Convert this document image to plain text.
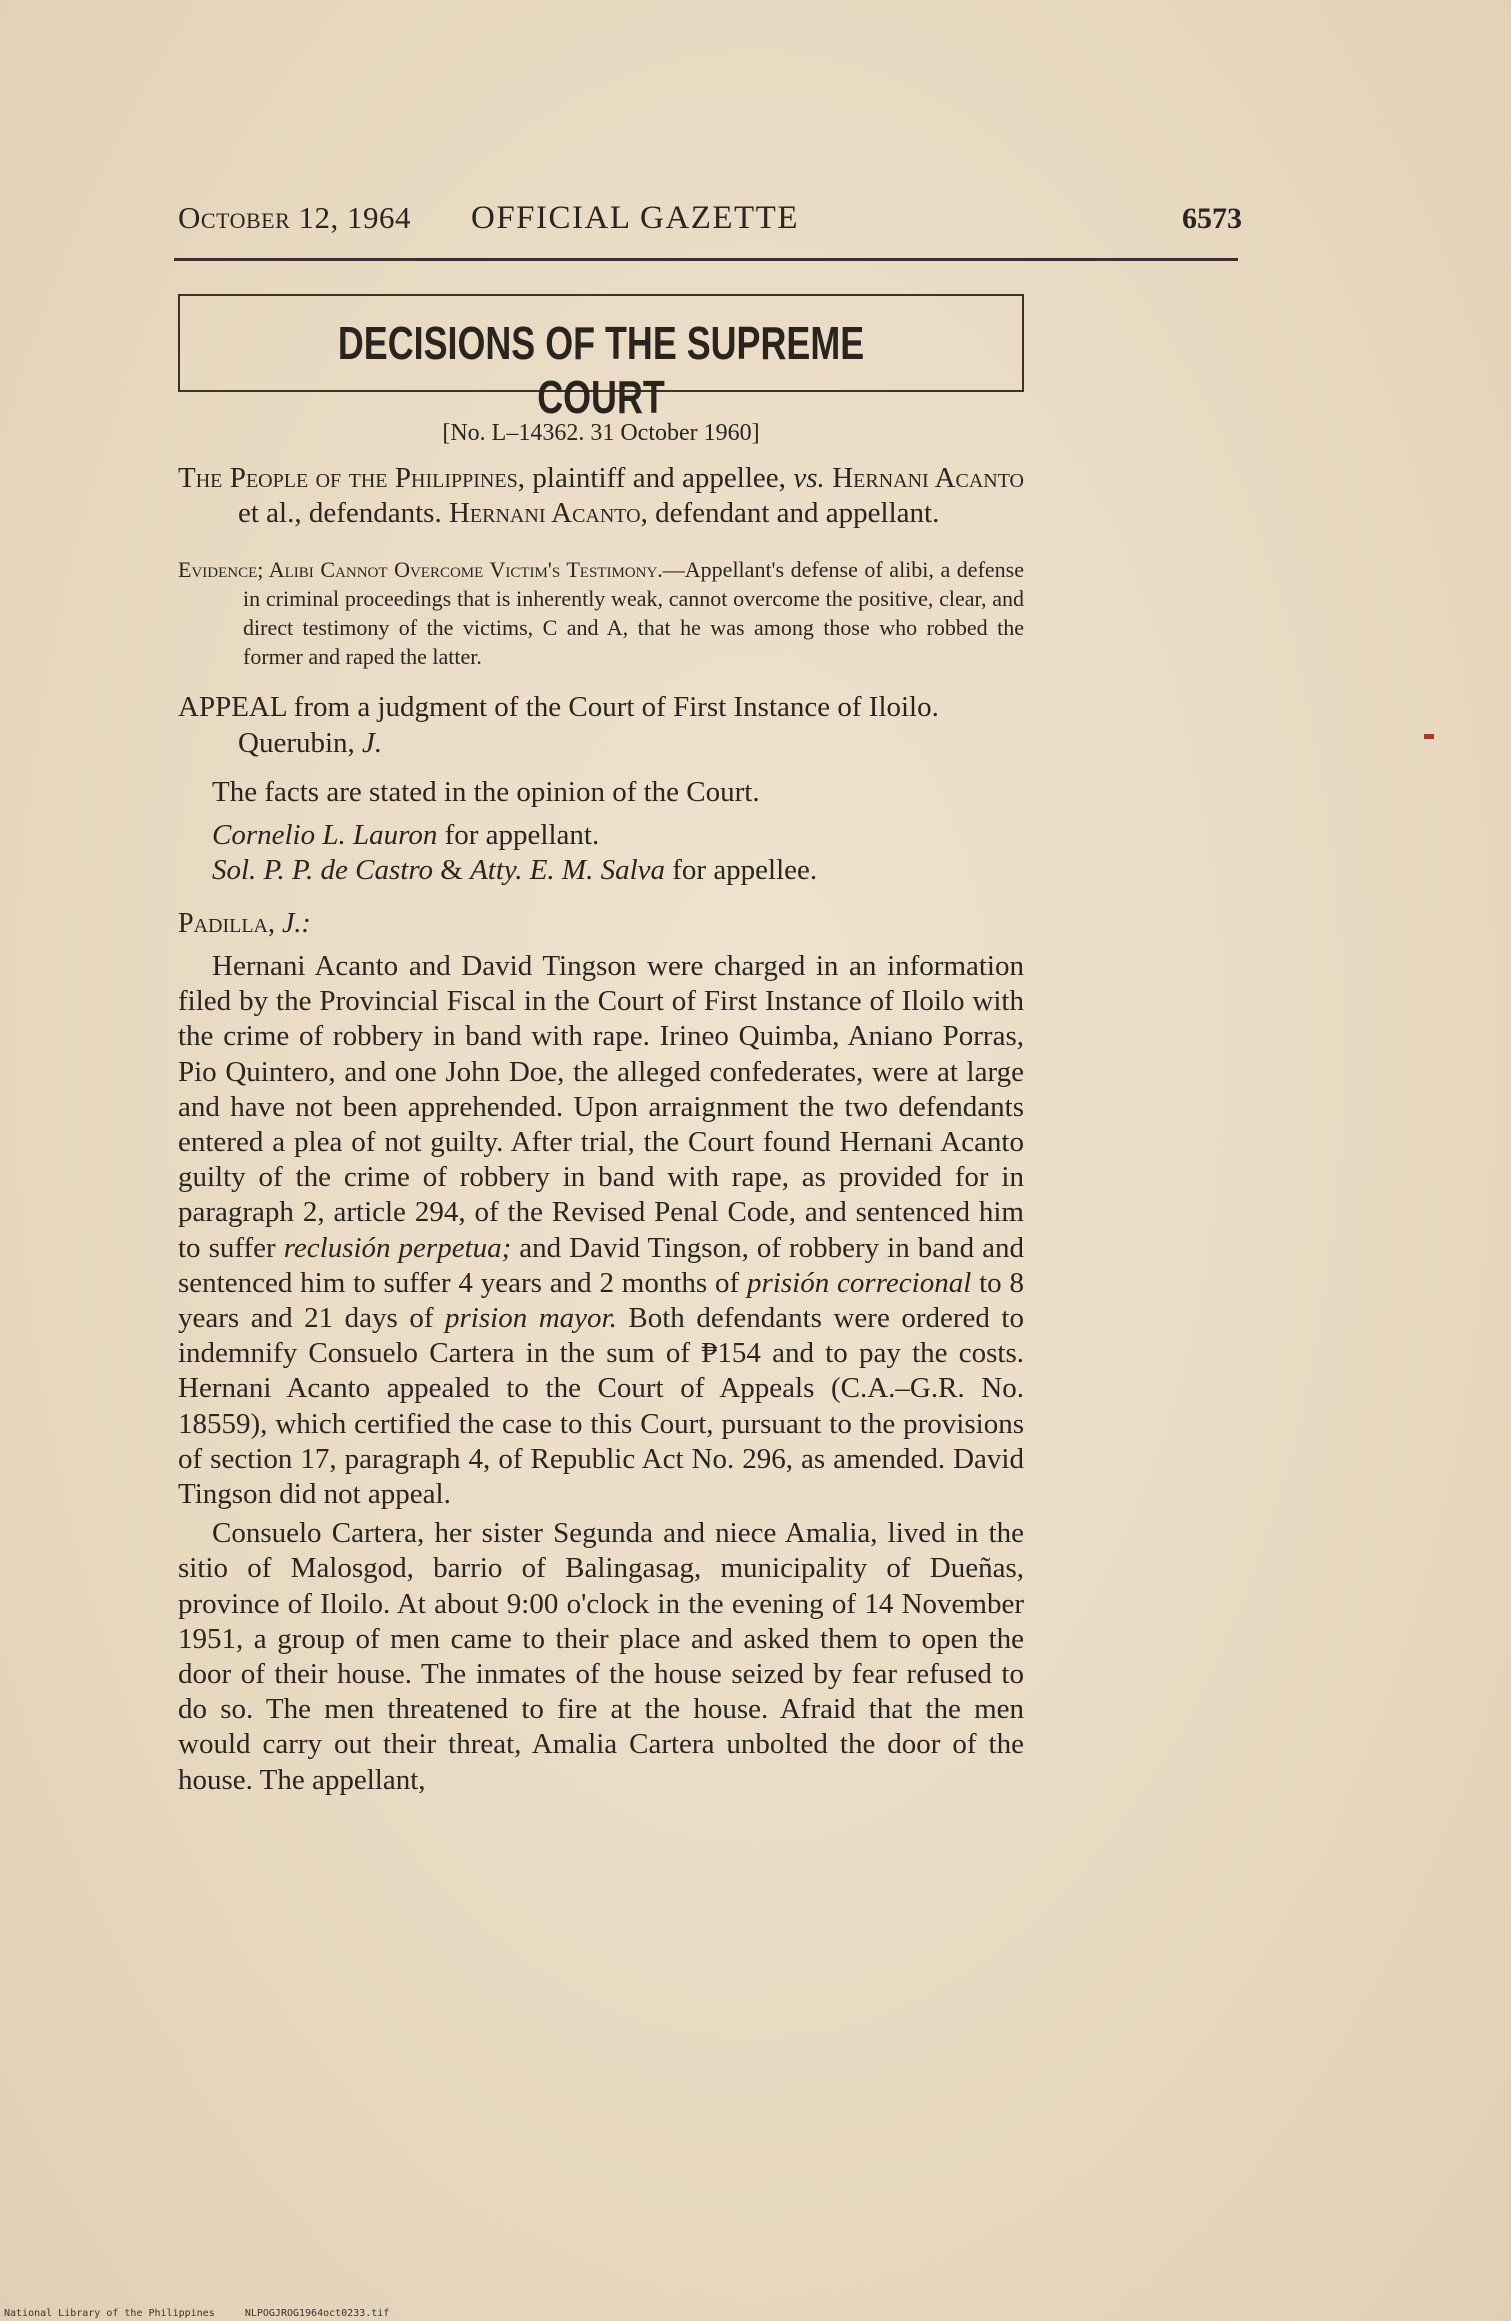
October 12, 1964	OFFICIAL GAZETTE	6573
DECISIONS OF THE SUPREME COURT

[No. L–14362. 31 October 1960]

The People of the Philippines, plaintiff and appellee, vs. Hernani Acanto et al., defendants. Hernani Acanto, defendant and appellant.

Evidence; Alibi Cannot Overcome Victim's Testimony.—Appellant's defense of alibi, a defense in criminal proceedings that is inherently weak, cannot overcome the positive, clear, and direct testimony of the victims, C and A, that he was among those who robbed the former and raped the latter.

APPEAL from a judgment of the Court of First Instance of Iloilo. Querubin, J.

The facts are stated in the opinion of the Court.

Cornelio L. Lauron for appellant.

Sol. P. P. de Castro & Atty. E. M. Salva for appellee.

Padilla, J.:

Hernani Acanto and David Tingson were charged in an information filed by the Provincial Fiscal in the Court of First Instance of Iloilo with the crime of robbery in band with rape. Irineo Quimba, Aniano Porras, Pio Quintero, and one John Doe, the alleged confederates, were at large and have not been apprehended. Upon arraignment the two defendants entered a plea of not guilty. After trial, the Court found Hernani Acanto guilty of the crime of robbery in band with rape, as provided for in paragraph 2, article 294, of the Revised Penal Code, and sentenced him to suffer reclusión perpetua; and David Tingson, of robbery in band and sentenced him to suffer 4 years and 2 months of prisión correcional to 8 years and 21 days of prision mayor. Both defendants were ordered to indemnify Consuelo Cartera in the sum of ₱154 and to pay the costs. Hernani Acanto appealed to the Court of Appeals (C.A.–G.R. No. 18559), which certified the case to this Court, pursuant to the provisions of section 17, paragraph 4, of Republic Act No. 296, as amended. David Tingson did not appeal.

Consuelo Cartera, her sister Segunda and niece Amalia, lived in the sitio of Malosgod, barrio of Balingasag, municipality of Dueñas, province of Iloilo. At about 9:00 o'clock in the evening of 14 November 1951, a group of men came to their place and asked them to open the door of their house. The inmates of the house seized by fear refused to do so. The men threatened to fire at the house. Afraid that the men would carry out their threat, Amalia Cartera unbolted the door of the house. The appellant,

National Library of the Philippines	NLPOGJROG1964oct0233.tif
